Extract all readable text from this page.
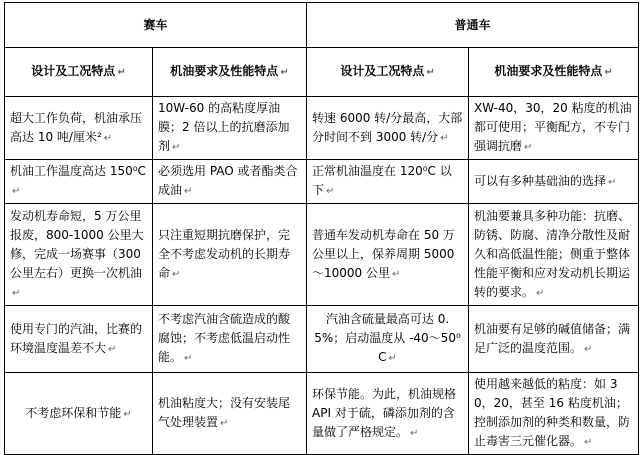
赛车		普通车	
设计及工况特点 ↵	机油要求及性能特点 ↵	设计及工况特点 ↵	机油要求及性能特点 ↵
超大工作负荷，机油承压高达 10 吨/厘米² ↵	10W-60 的高粘度厚油膜；2 倍以上的抗磨添加剂 ↵	转速 6000 转/分最高，大部分时间不到 3000 转/分 ↵	XW-40，30，20 粘度的机油都可使用；平衡配方，不专门强调抗磨 ↵
机油工作温度高达 150⁰C↵	必须选用 PAO 或者酯类合成油 ↵	正常机油温度在 120⁰C 以下 ↵	可以有多种基础油的选择 ↵
发动机寿命短，5 万公里报废，800-1000 公里大修，完成一场赛事（300 公里左右）更换一次机油↵	只注重短期抗磨保护，完全不考虑发动机的长期寿命 ↵	普通车发动机寿命在 50 万公里以上，保养周期 5000～10000 公里 ↵	机油要兼具多种功能：抗磨、防锈、防腐、清净分散性及耐久和高低温性能；侧重于整体性能平衡和应对发动机长期运转的要求。 ↵
使用专门的汽油，比赛的环境温度温差不大 ↵	不考虑汽油含硫造成的酸腐蚀；不考虑低温启动性能。 ↵	汽油含硫量最高可达 0.5%；启动温度从 -40～50⁰C ↵	机油要有足够的碱值储备；满足广泛的温度范围。 ↵
不考虑环保和节能 ↵	机油粘度大；没有安装尾气处理装置 ↵	环保节能。为此，机油规格 API 对于硫，磷添加剂的含量做了严格规定。 ↵	使用越来越低的粘度：如 30，20，甚至 16 粘度机油；控制添加剂的种类和数量，防止毒害三元催化器。 ↵
